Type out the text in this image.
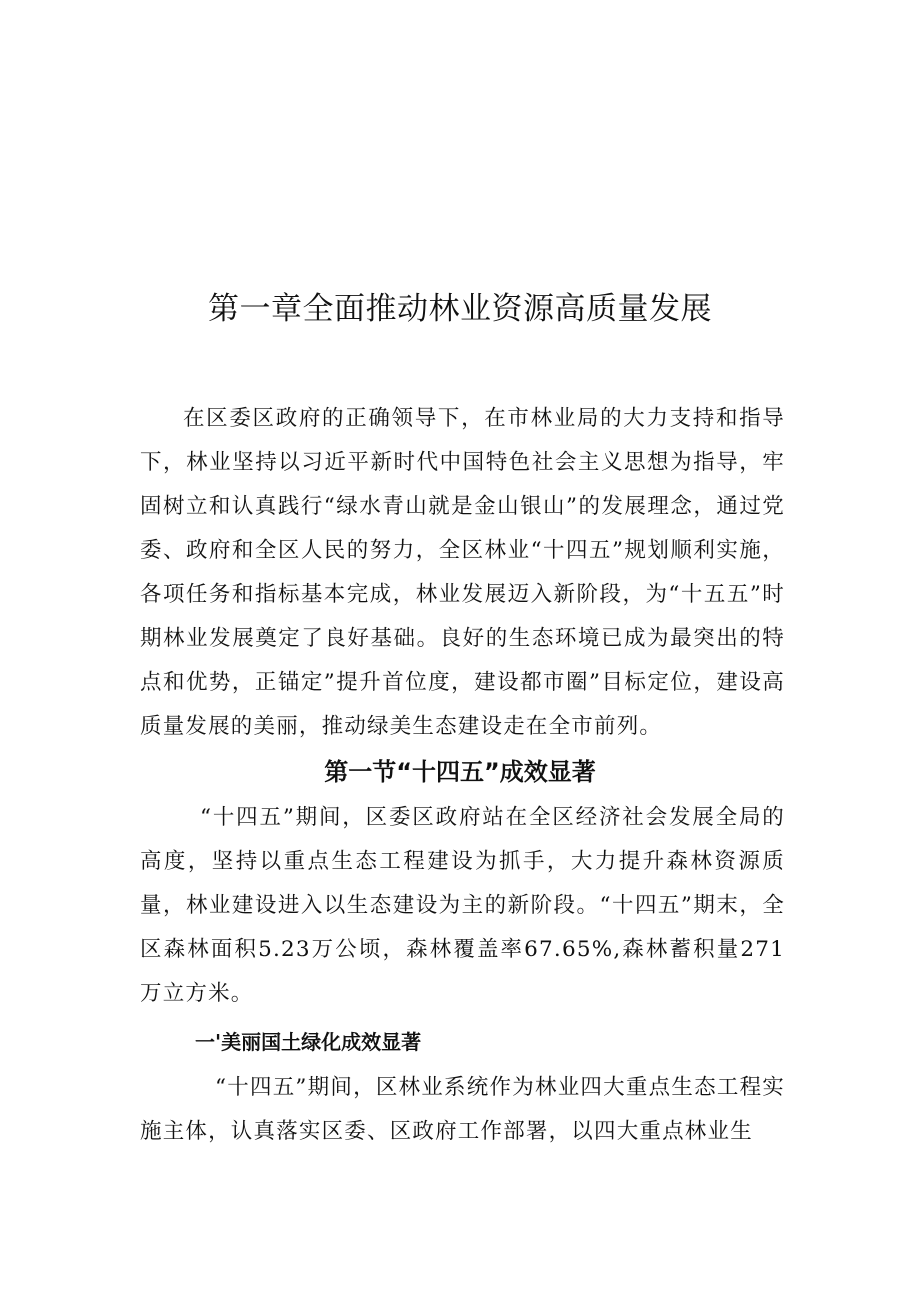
第一章全面推动林业资源高质量发展

在区委区政府的正确领导下，在市林业局的大力支持和指导下，林业坚持以习近平新时代中国特色社会主义思想为指导，牢固树立和认真践行“绿水青山就是金山银山”的发展理念，通过党委、政府和全区人民的努力，全区林业“十四五”规划顺利实施，各项任务和指标基本完成，林业发展迈入新阶段，为“十五五”时期林业发展奠定了良好基础。良好的生态环境已成为最突出的特点和优势，正锚定”提升首位度，建设都市圈”目标定位，建设高质量发展的美丽，推动绿美生态建设走在全市前列。

第一节“十四五”成效显著

“十四五”期间，区委区政府站在全区经济社会发展全局的高度，坚持以重点生态工程建设为抓手，大力提升森林资源质量，林业建设进入以生态建设为主的新阶段。“十四五”期末，全区森林面积5.23万公顷，森林覆盖率67.65%,森林蓄积量271万立方米。

一'美丽国土绿化成效显著

“十四五”期间，区林业系统作为林业四大重点生态工程实施主体，认真落实区委、区政府工作部署，以四大重点林业生
